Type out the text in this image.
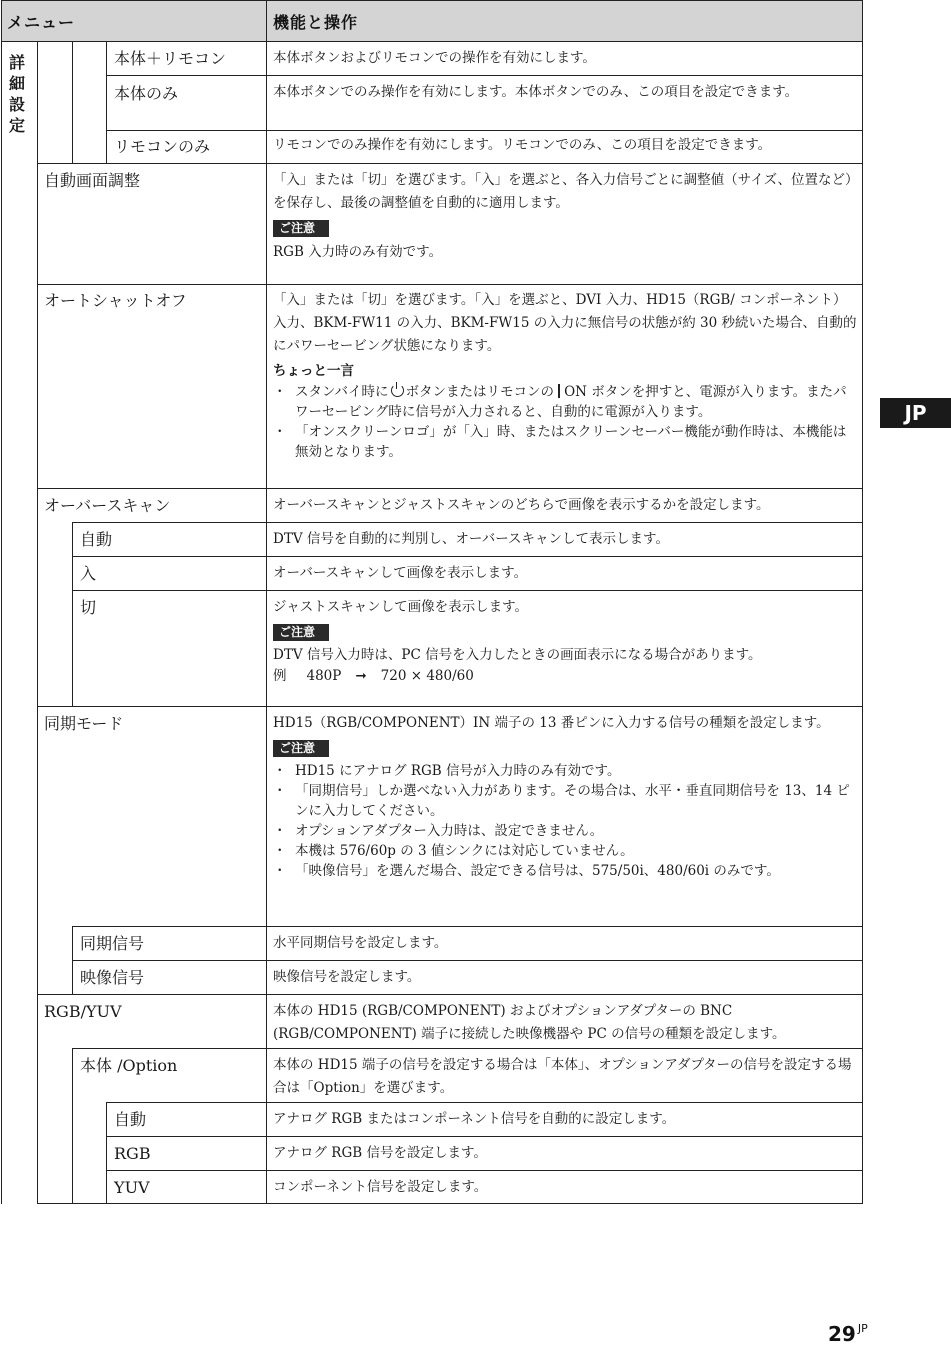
メニュー	機能と操作
詳細設定
本体＋リモコン	本体ボタンおよびリモコンでの操作を有効にします。
本体のみ	本体ボタンでのみ操作を有効にします。本体ボタンでのみ、この項目を設定できます。
リモコンのみ	リモコンでのみ操作を有効にします。リモコンでのみ、この項目を設定できます。
自動画面調整	「入」または「切」を選びます。「入」を選ぶと、各入力信号ごとに調整値（サイズ、位置など）を保存し、最後の調整値を自動的に適用します。

ご注意

RGB 入力時のみ有効です。

オートシャットオフ	「入」または「切」を選びます。「入」を選ぶと、DVI 入力、HD15（RGB/ コンポーネント）入力、BKM-FW11 の入力、BKM-FW15 の入力に無信号の状態が約 30 秒続いた場合、自動的にパワーセービング状態になります。

ちょっと一言
・ スタンバイ時に ボタンまたはリモコンの ON ボタンを押すと、電源が入ります。またパワーセービング時に信号が入力されると、自動的に電源が入ります。
・ 「オンスクリーンロゴ」が「入」時、またはスクリーンセーバー機能が動作時は、本機能は無効となります。
オーバースキャン	オーバースキャンとジャストスキャンのどちらで画像を表示するかを設定します。
自動	DTV 信号を自動的に判別し、オーバースキャンして表示します。
入	オーバースキャンして画像を表示します。
切	ジャストスキャンして画像を表示します。

ご注意

DTV 信号入力時は、PC 信号を入力したときの画面表示になる場合があります。

例 480P ➞ 720 × 480/60

同期モード	HD15（RGB/COMPONENT）IN 端子の 13 番ピンに入力する信号の種類を設定します。

ご注意
・ HD15 にアナログ RGB 信号が入力時のみ有効です。
・ 「同期信号」しか選べない入力があります。その場合は、水平・垂直同期信号を 13、14 ピンに入力してください。
・ オプションアダプター入力時は、設定できません。
・ 本機は 576/60p の 3 値シンクには対応していません。
・ 「映像信号」を選んだ場合、設定できる信号は、575/50i、480/60i のみです。
同期信号	水平同期信号を設定します。
映像信号	映像信号を設定します。
RGB/YUV	本体の HD15 (RGB/COMPONENT) およびオプションアダプターの BNC (RGB/COMPONENT) 端子に接続した映像機器や PC の信号の種類を設定します。
本体 /Option	本体の HD15 端子の信号を設定する場合は「本体」、オプションアダプターの信号を設定する場合は「Option」を選びます。
自動	アナログ RGB またはコンポーネント信号を自動的に設定します。
RGB	アナログ RGB 信号を設定します。
YUV	コンポーネント信号を設定します。
JP
29 $^{JP}$
